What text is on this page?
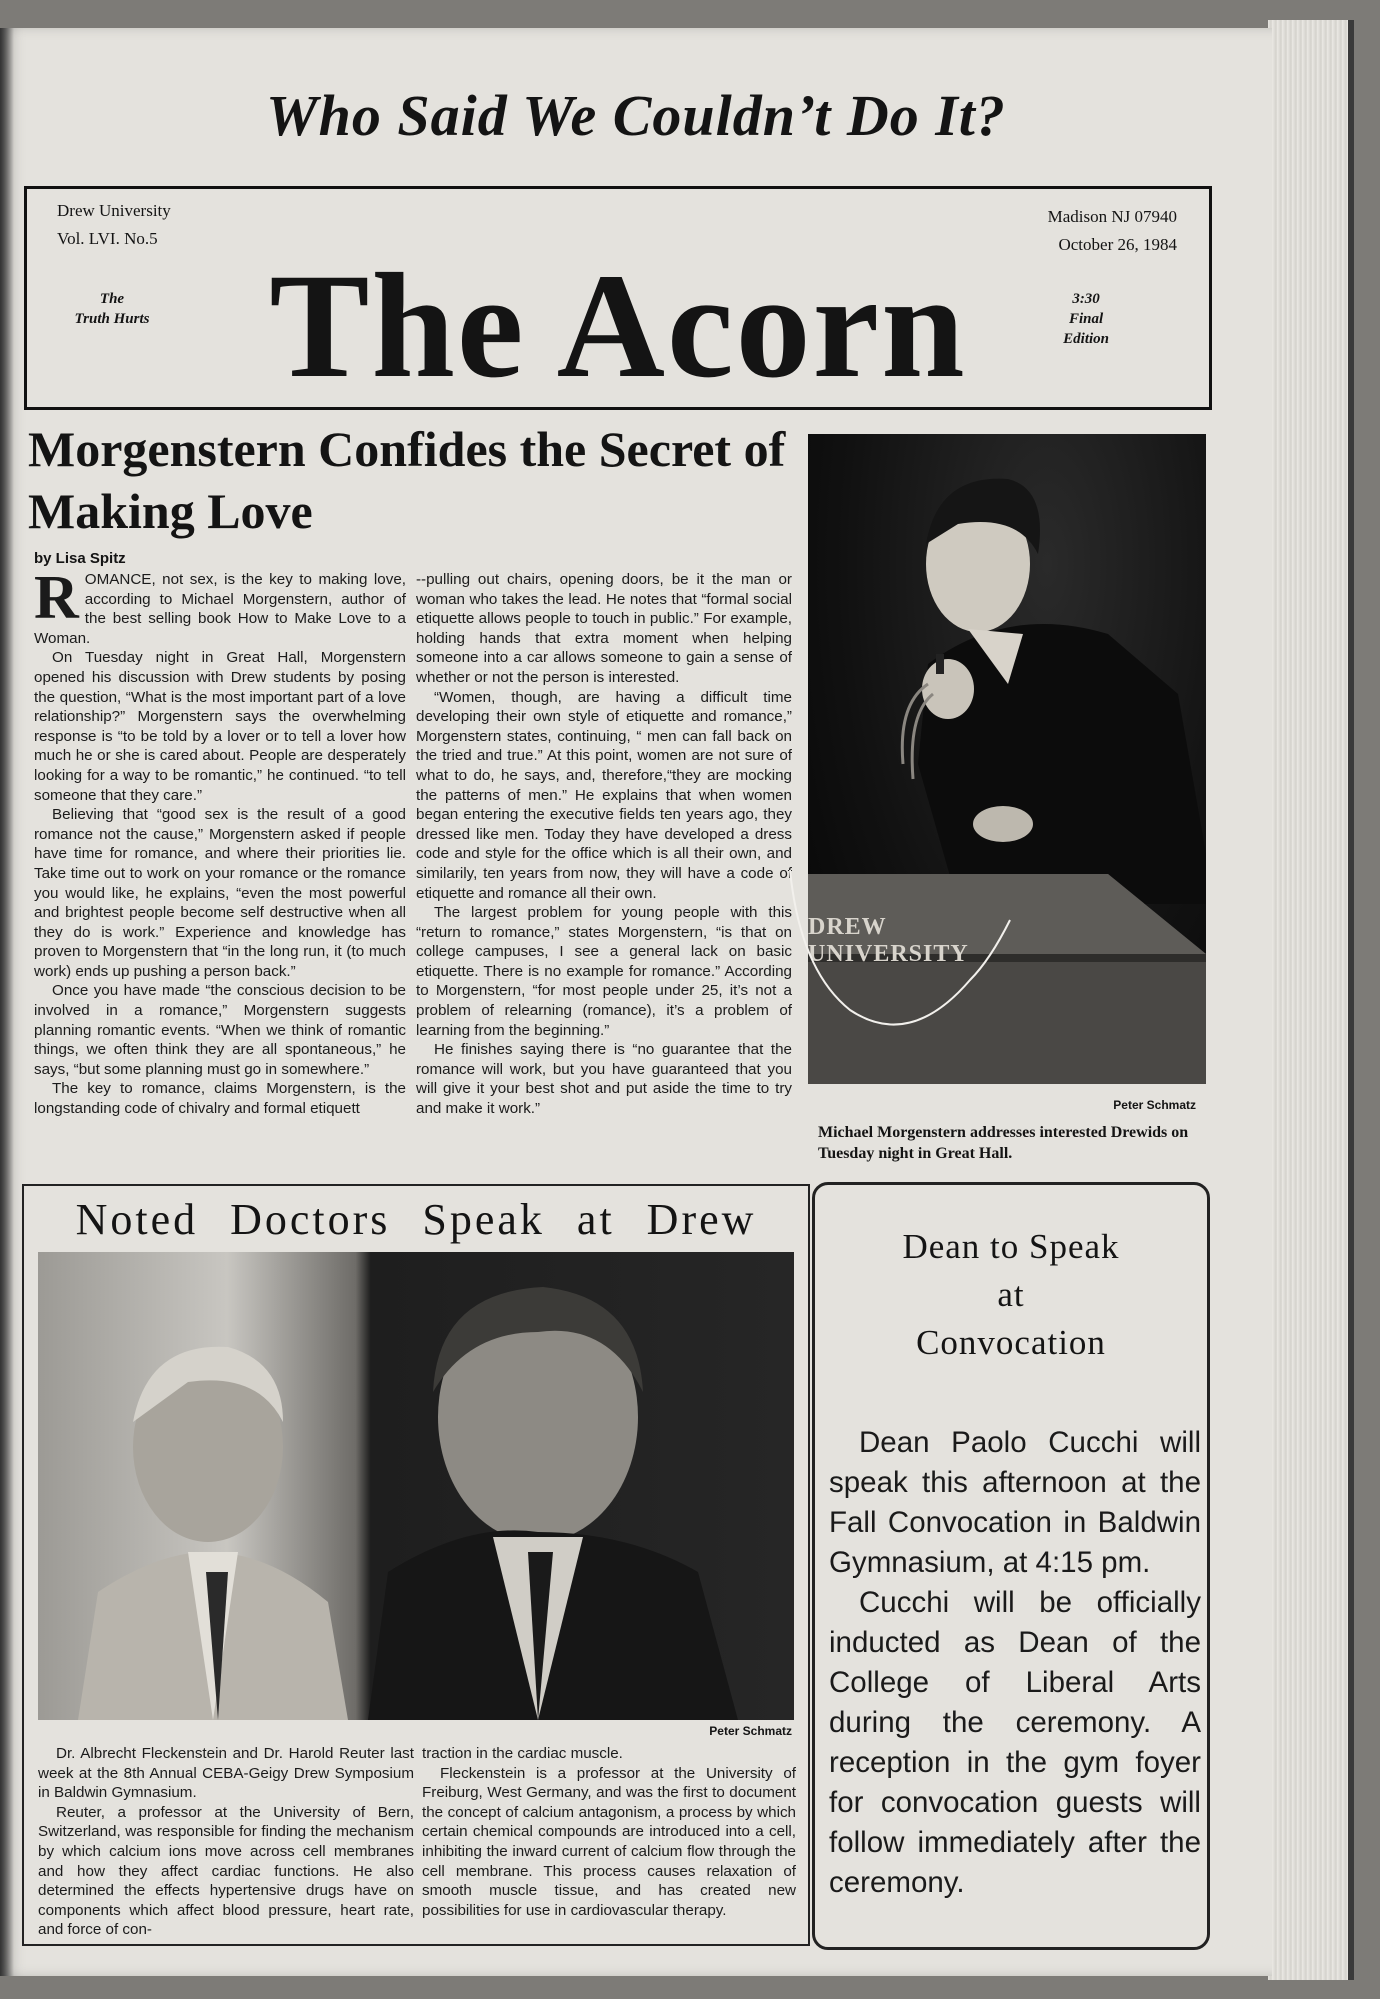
Who Said We Couldn’t Do It?
Drew University
Vol. LVI. No.5
Madison NJ 07940
October 26, 1984
The Acorn
The
Truth Hurts
3:30
Final
Edition
Morgenstern Confides the Secret of Making Love
by Lisa Spitz

ROMANCE, not sex, is the key to making love, according to Michael Morgenstern, author of the best selling book How to Make Love to a Woman.

On Tuesday night in Great Hall, Morgenstern opened his discussion with Drew students by posing the question, “What is the most important part of a love relationship?” Morgenstern says the overwhelming response is “to be told by a lover or to tell a lover how much he or she is cared about. People are desperately looking for a way to be romantic,” he continued. “to tell someone that they care.”

Believing that “good sex is the result of a good romance not the cause,” Morgenstern asked if people have time for romance, and where their priorities lie. Take time out to work on your romance or the romance you would like, he explains, “even the most powerful and brightest people become self destructive when all they do is work.” Experience and knowledge has proven to Morgenstern that “in the long run, it (to much work) ends up pushing a person back.”

Once you have made “the conscious decision to be involved in a romance,” Morgenstern suggests planning romantic events. “When we think of romantic things, we often think they are all spontaneous,” he says, “but some planning must go in somewhere.”

The key to romance, claims Morgenstern, is the longstanding code of chivalry and formal etiquett

--pulling out chairs, opening doors, be it the man or woman who takes the lead. He notes that “formal social etiquette allows people to touch in public.” For example, holding hands that extra moment when helping someone into a car allows someone to gain a sense of whether or not the person is interested.

“Women, though, are having a difficult time developing their own style of etiquette and romance,” Morgenstern states, continuing, “ men can fall back on the tried and true.” At this point, women are not sure of what to do, he says, and, therefore,“they are mocking the patterns of men.” He explains that when women began entering the executive fields ten years ago, they dressed like men. Today they have developed a dress code and style for the office which is all their own, and similarily, ten years from now, they will have a code of etiquette and romance all their own.

The largest problem for young people with this “return to romance,” states Morgenstern, “is that on college campuses, I see a general lack on basic etiquette. There is no example for romance.” According to Morgenstern, “for most people under 25, it’s not a problem of relearning (romance), it’s a problem of learning from the beginning.”

He finishes saying there is “no guarantee that the romance will work, but you have guaranteed that you will give it your best shot and put aside the time to try and make it work.”

DREW UNIVERSITY
Peter Schmatz
Michael Morgenstern addresses interested Drewids on Tuesday night in Great Hall.
Noted Doctors Speak at Drew
Peter Schmatz

Dr. Albrecht Fleckenstein and Dr. Harold Reuter last week at the 8th Annual CEBA-Geigy Drew Symposium in Baldwin Gymnasium.

Reuter, a professor at the University of Bern, Switzerland, was responsible for finding the mechanism by which calcium ions move across cell membranes and how they affect cardiac functions. He also determined the effects hypertensive drugs have on components which affect blood pressure, heart rate, and force of con-

traction in the cardiac muscle.

Fleckenstein is a professor at the University of Freiburg, West Germany, and was the first to document the concept of calcium antagonism, a process by which certain chemical compounds are introduced into a cell, inhibiting the inward current of calcium flow through the cell membrane. This process causes relaxation of smooth muscle tissue, and has created new possibilities for use in cardiovascular therapy.

Dean to Speak
at
Convocation

Dean Paolo Cucchi will speak this afternoon at the Fall Convocation in Baldwin Gymnasium, at 4:15 pm.

Cucchi will be officially inducted as Dean of the College of Liberal Arts during the ceremony. A reception in the gym foyer for convocation guests will follow immediately after the ceremony.
